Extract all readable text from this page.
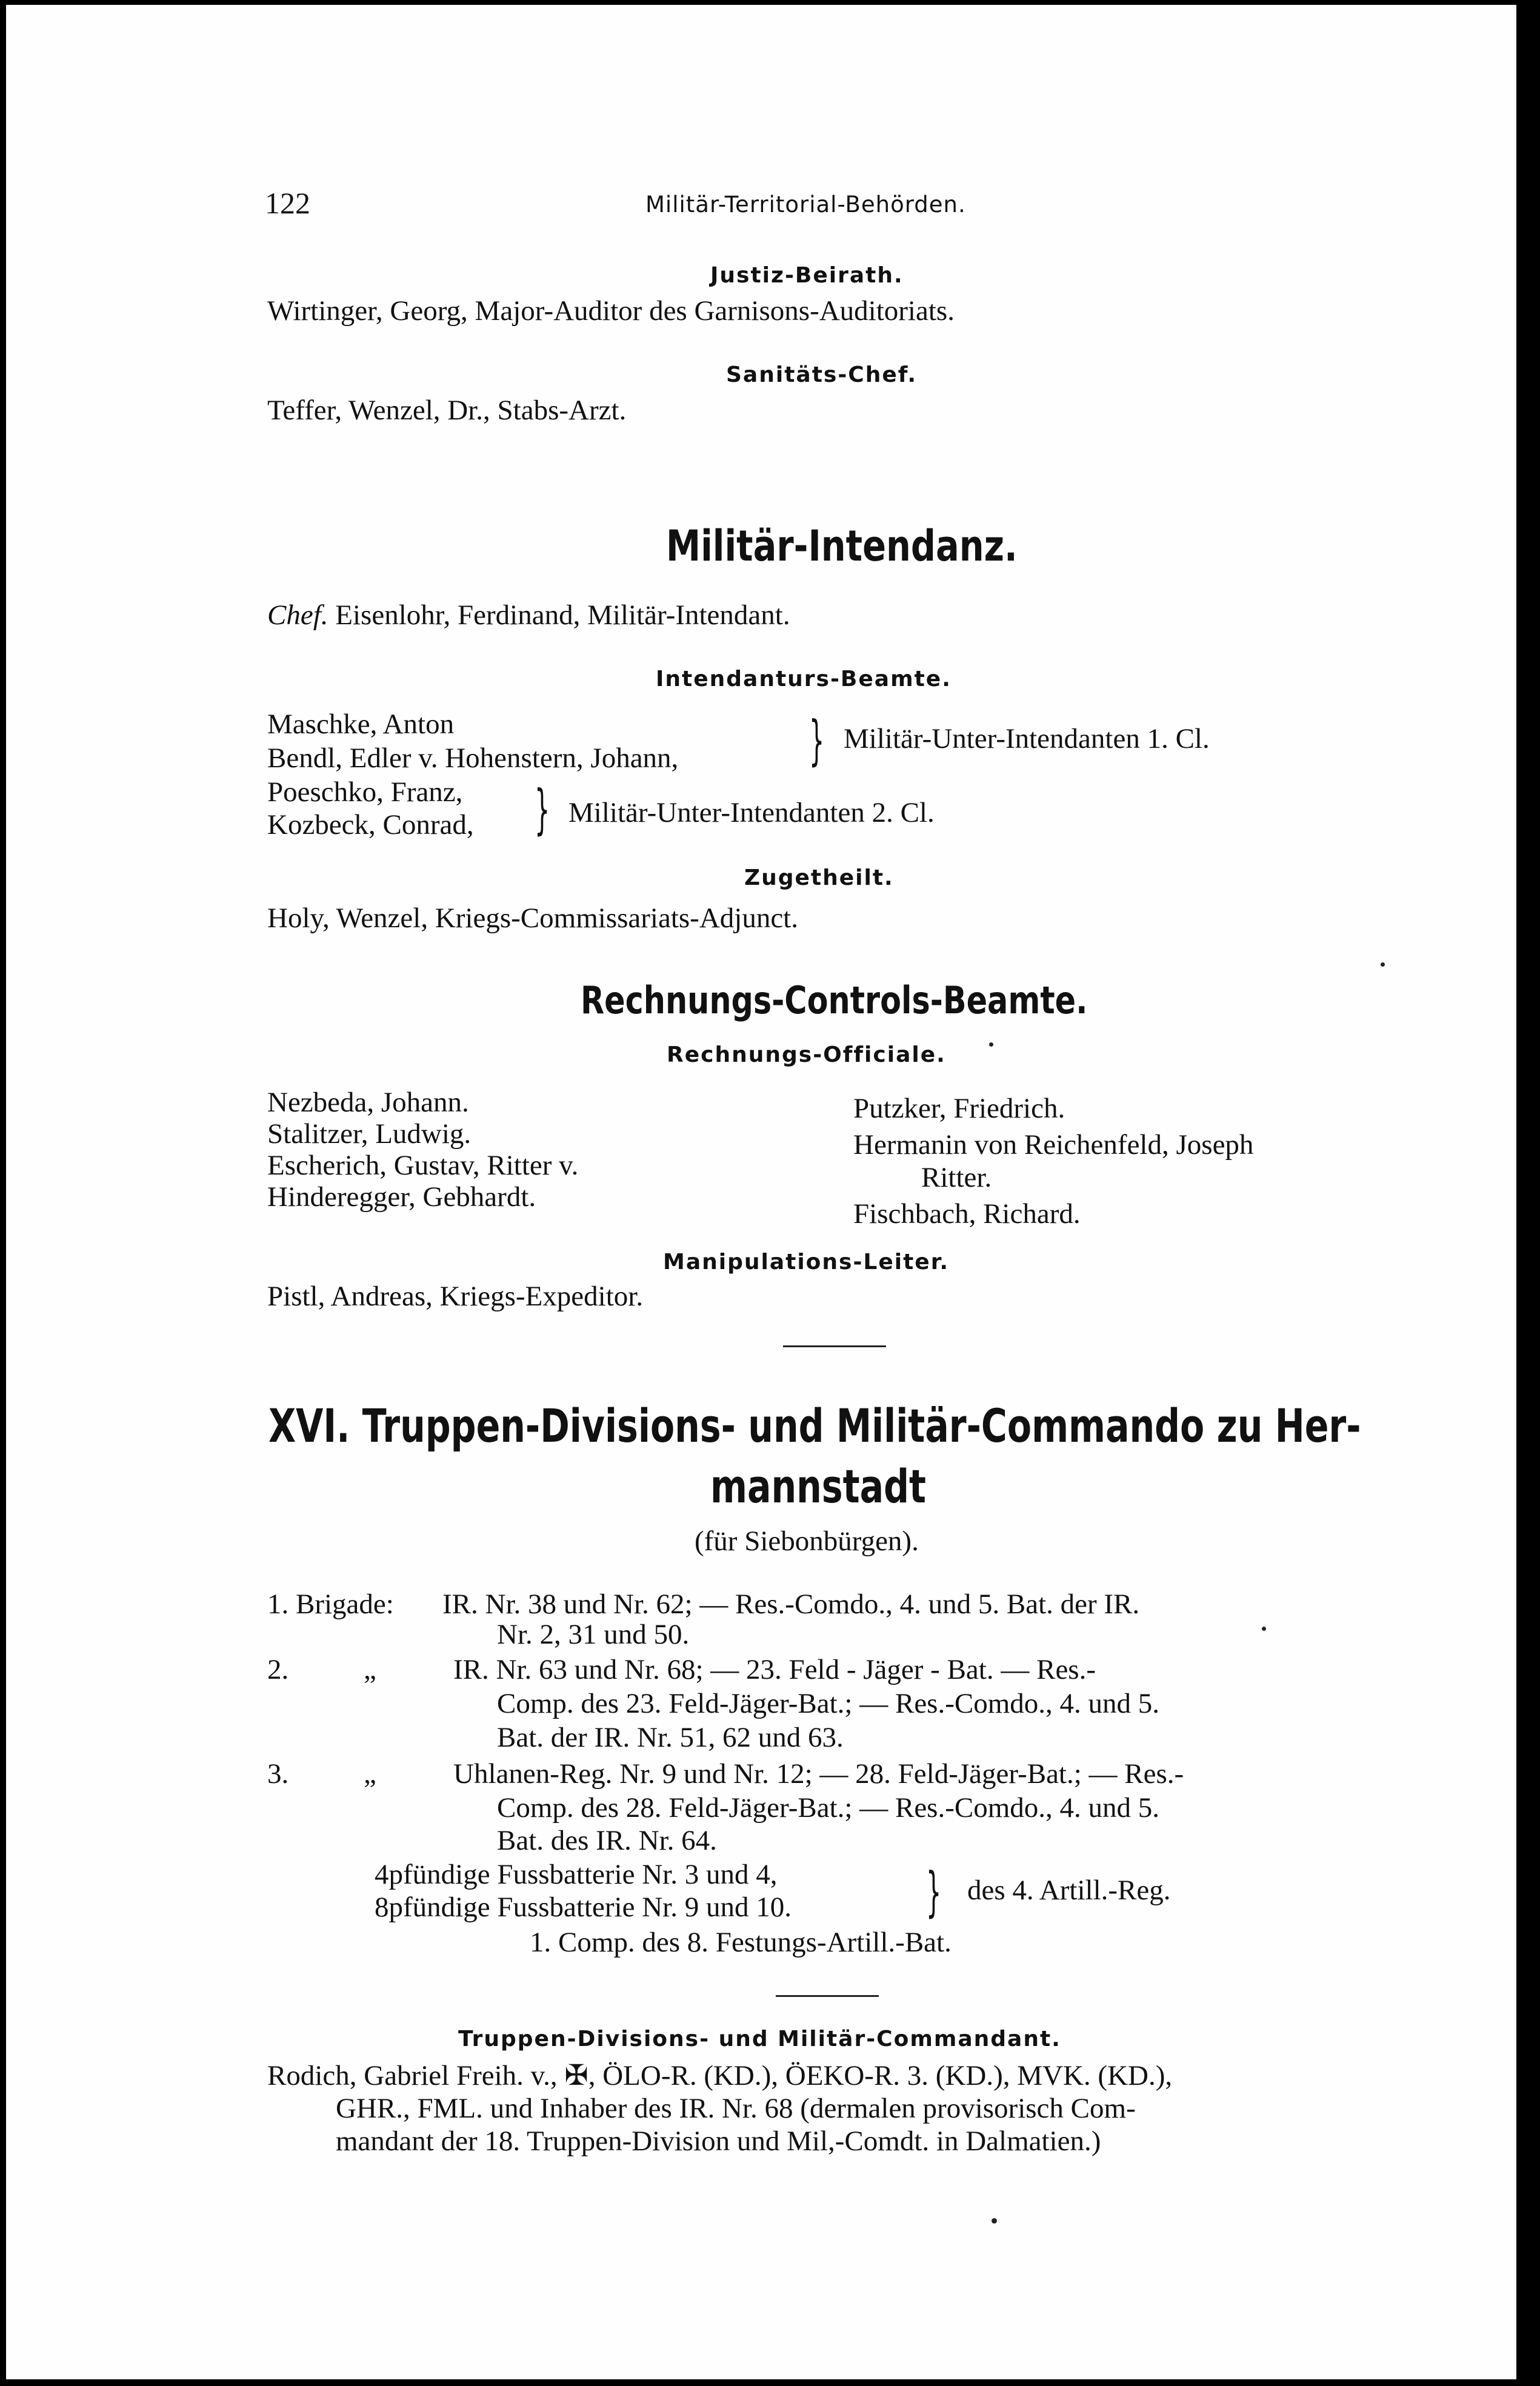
122	Militär-Territorial-Behörden.
Justiz-Beirath.
Wirtinger, Georg, Major-Auditor des Garnisons-Auditoriats.
Sanitäts-Chef.
Teffer, Wenzel, Dr., Stabs-Arzt.
Militär-Intendanz.
Chef. Eisenlohr, Ferdinand, Militär-Intendant.
Intendanturs-Beamte.
Maschke, Anton
Bendl, Edler v. Hohenstern, Johann, } Militär-Unter-Intendanten 1. Cl.
Poeschko, Franz,
Kozbeck, Conrad, } Militär-Unter-Intendanten 2. Cl.
Zugetheilt.
Holy, Wenzel, Kriegs-Commissariats-Adjunct.
Rechnungs-Controls-Beamte.
Rechnungs-Officiale.
Nezbeda, Johann.
Stalitzer, Ludwig.
Escherich, Gustav, Ritter v.
Hinderegger, Gebhardt.
Putzker, Friedrich.
Hermanin von Reichenfeld, Joseph
Ritter.
Fischbach, Richard.
Manipulations-Leiter.
Pistl, Andreas, Kriegs-Expeditor.
XVI. Truppen-Divisions- und Militär-Commando zu Her-
mannstadt
(für Siebonbürgen).
1. Brigade: IR. Nr. 38 und Nr. 62; — Res.-Comdo., 4. und 5. Bat. der IR.
Nr. 2, 31 und 50.
2.	„	IR. Nr. 63 und Nr. 68; — 23. Feld - Jäger - Bat. — Res.-
Comp. des 23. Feld-Jäger-Bat.; — Res.-Comdo., 4. und 5.
Bat. der IR. Nr. 51, 62 und 63.
3.	„	Uhlanen-Reg. Nr. 9 und Nr. 12; — 28. Feld-Jäger-Bat.; — Res.-
Comp. des 28. Feld-Jäger-Bat.; — Res.-Comdo., 4. und 5.
Bat. des IR. Nr. 64.
4pfündige Fussbatterie Nr. 3 und 4,
8pfündige Fussbatterie Nr. 9 und 10.	} des 4. Artill.-Reg.
1. Comp. des 8. Festungs-Artill.-Bat.
Truppen-Divisions- und Militär-Commandant.
Rodich, Gabriel Freih. v., ✠, ÖLO-R. (KD.), ÖEKO-R. 3. (KD.), MVK. (KD.),
GHR., FML. und Inhaber des IR. Nr. 68 (dermalen provisorisch Com-
mandant der 18. Truppen-Division und Mil,-Comdt. in Dalmatien.)
